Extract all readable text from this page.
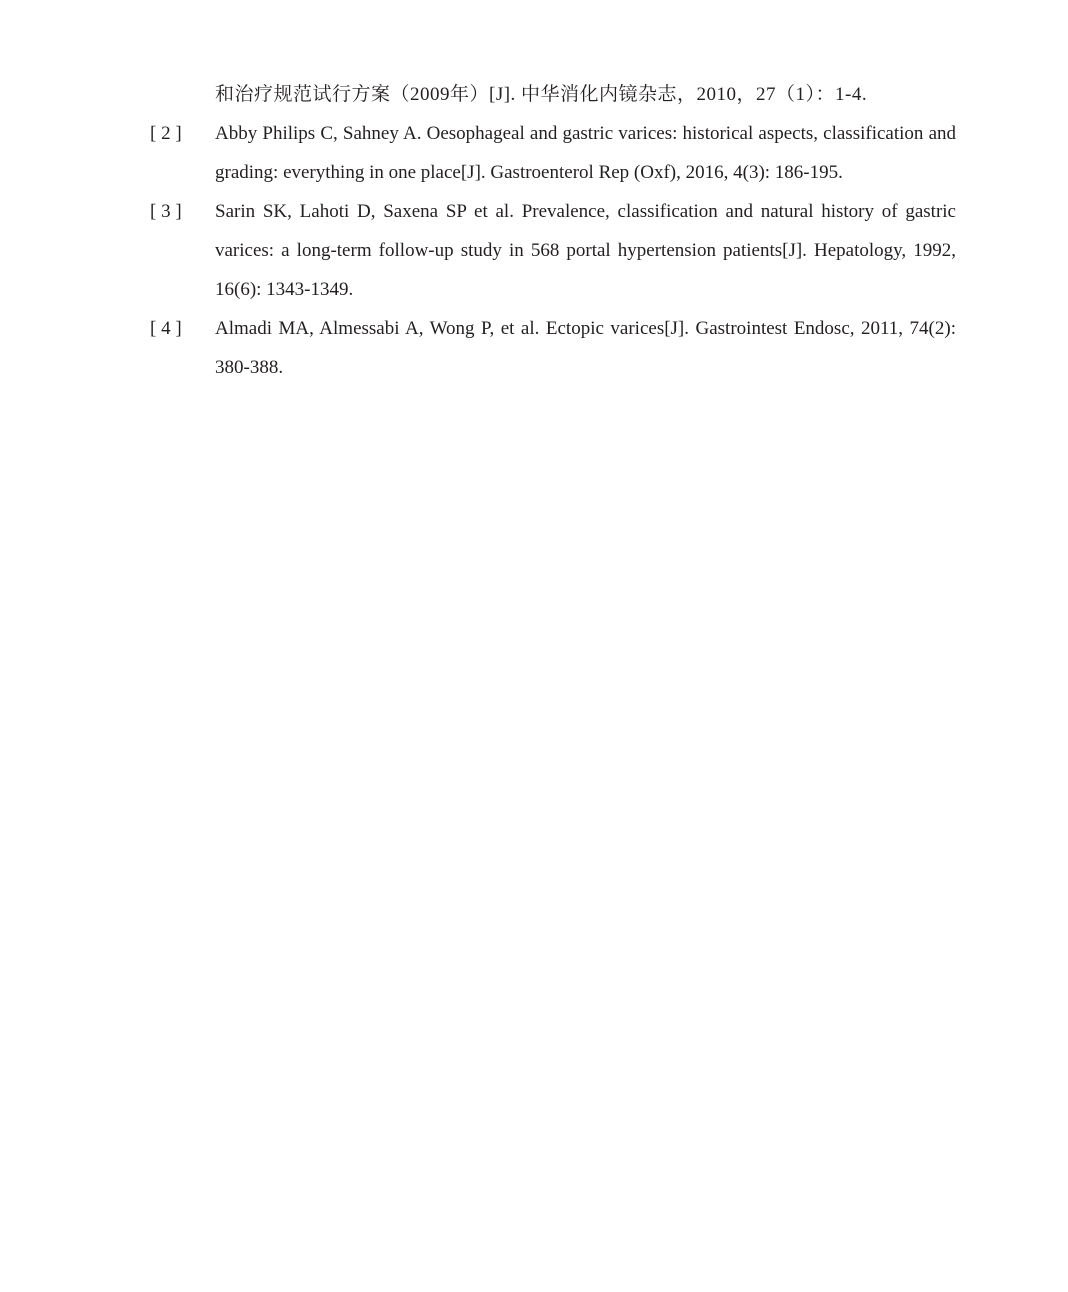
和治疗规范试行方案（2009年）[J]. 中华消化内镜杂志，2010，27（1）：1-4.
[ 2 ]	Abby Philips C, Sahney A. Oesophageal and gastric varices: historical aspects, classification and grading: everything in one place[J]. Gastroenterol Rep (Oxf), 2016, 4(3): 186-195.
[ 3 ]	Sarin SK, Lahoti D, Saxena SP et al. Prevalence, classification and natural history of gastric varices: a long-term follow-up study in 568 portal hypertension patients[J]. Hepatology, 1992, 16(6): 1343-1349.
[ 4 ]	Almadi MA, Almessabi A, Wong P, et al. Ectopic varices[J]. Gastrointest Endosc, 2011, 74(2): 380-388.
